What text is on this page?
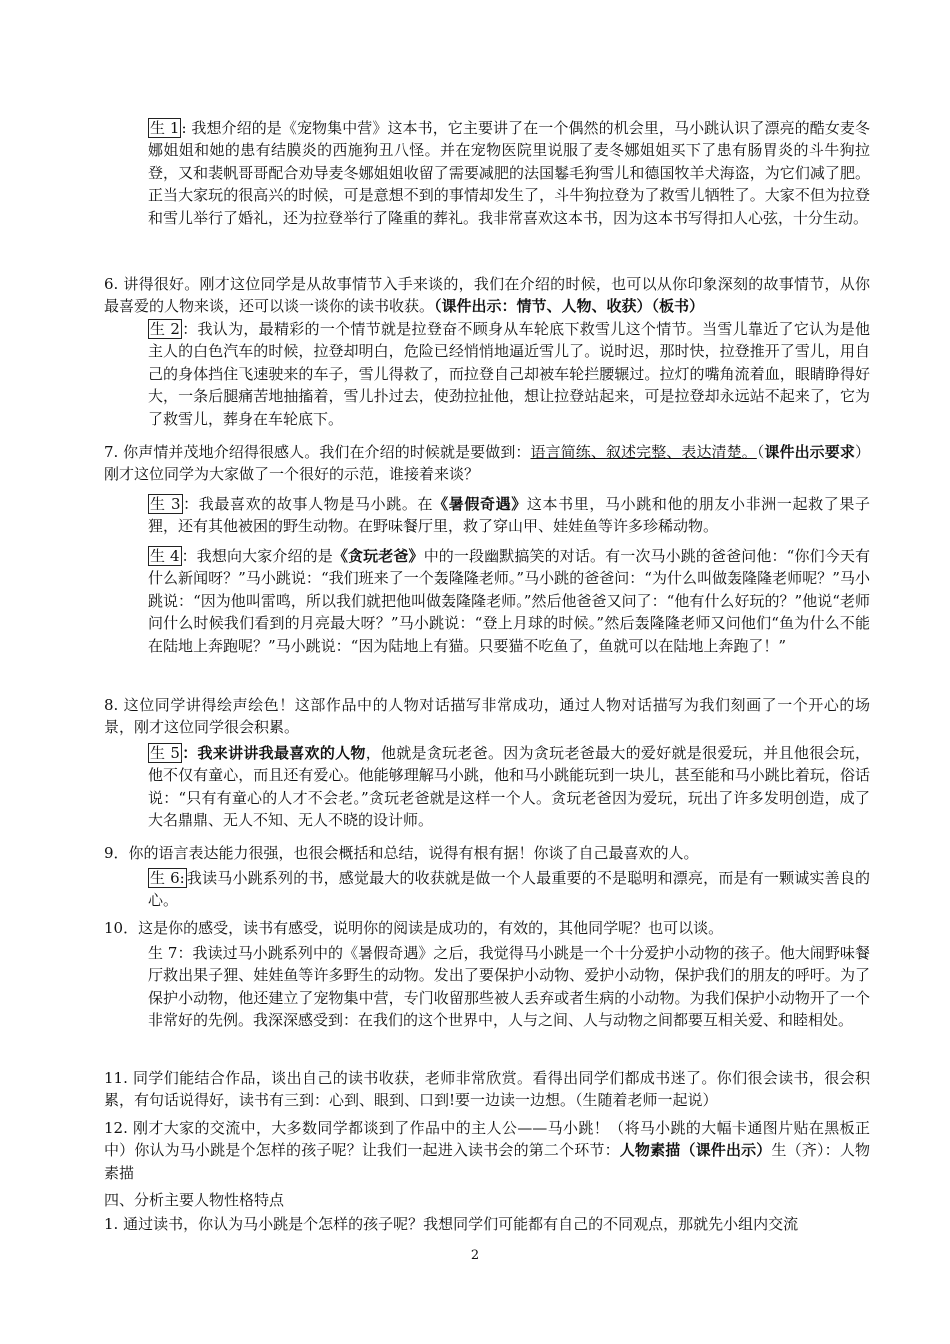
生 1 : 我想介绍的是《宠物集中营》这本书，它主要讲了在一个偶然的机会里，马小跳认识了漂亮的酷女麦冬娜姐姐和她的患有结膜炎的西施狗丑八怪。并在宠物医院里说服了麦冬娜姐姐买下了患有肠胃炎的斗牛狗拉登，又和裴帆哥哥配合劝导麦冬娜姐姐收留了需要减肥的法国鬈毛狗雪儿和德国牧羊犬海盗，为它们减了肥。正当大家玩的很高兴的时候，可是意想不到的事情却发生了，斗牛狗拉登为了救雪儿牺牲了。大家不但为拉登和雪儿举行了婚礼，还为拉登举行了隆重的葬礼。我非常喜欢这本书，因为这本书写得扣人心弦，十分生动。
6. 讲得很好。刚才这位同学是从故事情节入手来谈的，我们在介绍的时候，也可以从你印象深刻的故事情节，从你最喜爱的人物来谈，还可以谈一谈你的读书收获。（课件出示：情节、人物、收获）（板书）
生 2 ：我认为，最精彩的一个情节就是拉登奋不顾身从车轮底下救雪儿这个情节。当雪儿靠近了它认为是他主人的白色汽车的时候，拉登却明白，危险已经悄悄地逼近雪儿了。说时迟，那时快，拉登推开了雪儿，用自己的身体挡住飞速驶来的车子，雪儿得救了，而拉登自己却被车轮拦腰辗过。拉灯的嘴角流着血，眼睛睁得好大，一条后腿痛苦地抽搐着，雪儿扑过去，使劲拉扯他，想让拉登站起来，可是拉登却永远站不起来了，它为了救雪儿，葬身在车轮底下。
7. 你声情并茂地介绍得很感人。我们在介绍的时候就是要做到：语言简练、叙述完整、表达清楚。（课件出示要求）刚才这位同学为大家做了一个很好的示范，谁接着来谈？
生 3 ：我最喜欢的故事人物是马小跳。在《暑假奇遇》这本书里，马小跳和他的朋友小非洲一起救了果子狸，还有其他被困的野生动物。在野味餐厅里，救了穿山甲、娃娃鱼等许多珍稀动物。
生 4 ：我想向大家介绍的是《贪玩老爸》中的一段幽默搞笑的对话。有一次马小跳的爸爸问他：“你们今天有什么新闻呀？”马小跳说：“我们班来了一个轰隆隆老师。”马小跳的爸爸问：“为什么叫做轰隆隆老师呢？”马小跳说：“因为他叫雷鸣，所以我们就把他叫做轰隆隆老师。”然后他爸爸又问了：“他有什么好玩的？”他说“老师问什么时候我们看到的月亮最大呀？”马小跳说：“登上月球的时候。”然后轰隆隆老师又问他们“鱼为什么不能在陆地上奔跑呢？”马小跳说：“因为陆地上有猫。只要猫不吃鱼了，鱼就可以在陆地上奔跑了！”
8. 这位同学讲得绘声绘色！这部作品中的人物对话描写非常成功，通过人物对话描写为我们刻画了一个开心的场景，刚才这位同学很会积累。
生 5 ：我来讲讲我最喜欢的人物，他就是贪玩老爸。因为贪玩老爸最大的爱好就是很爱玩，并且他很会玩，他不仅有童心，而且还有爱心。他能够理解马小跳，他和马小跳能玩到一块儿，甚至能和马小跳比着玩，俗话说：“只有有童心的人才不会老。”贪玩老爸就是这样一个人。贪玩老爸因为爱玩，玩出了许多发明创造，成了大名鼎鼎、无人不知、无人不晓的设计师。
9．你的语言表达能力很强，也很会概括和总结，说得有根有据！你谈了自己最喜欢的人。
生 6: 我读马小跳系列的书，感觉最大的收获就是做一个人最重要的不是聪明和漂亮，而是有一颗诚实善良的心。
10．这是你的感受，读书有感受，说明你的阅读是成功的，有效的，其他同学呢？也可以谈。
生 7：我读过马小跳系列中的《暑假奇遇》之后，我觉得马小跳是一个十分爱护小动物的孩子。他大闹野味餐厅救出果子狸、娃娃鱼等许多野生的动物。发出了要保护小动物、爱护小动物，保护我们的朋友的呼吁。为了保护小动物，他还建立了宠物集中营，专门收留那些被人丢弃或者生病的小动物。为我们保护小动物开了一个非常好的先例。我深深感受到：在我们的这个世界中，人与之间、人与动物之间都要互相关爱、和睦相处。
11. 同学们能结合作品，谈出自己的读书收获，老师非常欣赏。看得出同学们都成书迷了。你们很会读书，很会积累，有句话说得好，读书有三到：心到、眼到、口到!要一边读一边想。（生随着老师一起说）
12. 刚才大家的交流中，大多数同学都谈到了作品中的主人公——马小跳！（将马小跳的大幅卡通图片贴在黑板正中）你认为马小跳是个怎样的孩子呢？让我们一起进入读书会的第二个环节：人物素描（课件出示）生（齐）：人物素描
四、分析主要人物性格特点
1. 通过读书，你认为马小跳是个怎样的孩子呢？我想同学们可能都有自己的不同观点，那就先小组内交流
2
